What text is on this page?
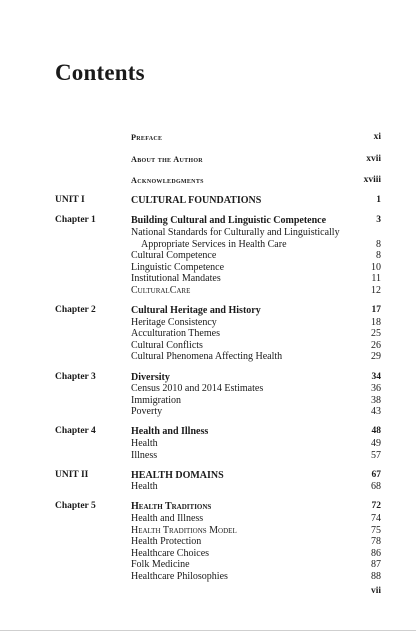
Contents
Preface	xi
About the Author	xvii
Acknowledgments	xviii
UNIT I	CULTURAL FOUNDATIONS	1
Chapter 1	Building Cultural and Linguistic Competence	3
National Standards for Culturally and Linguistically
Appropriate Services in Health Care	8
Cultural Competence	8
Linguistic Competence	10
Institutional Mandates	11
CulturalCare	12
Chapter 2	Cultural Heritage and History	17
Heritage Consistency	18
Acculturation Themes	25
Cultural Conflicts	26
Cultural Phenomena Affecting Health	29
Chapter 3	Diversity	34
Census 2010 and 2014 Estimates	36
Immigration	38
Poverty	43
Chapter 4	Health and Illness	48
Health	49
Illness	57
UNIT II	HEALTH DOMAINS	67
Health	68
Chapter 5	Health Traditions	72
Health and Illness	74
Health Traditions Model	75
Health Protection	78
Healthcare Choices	86
Folk Medicine	87
Healthcare Philosophies	88
vii
